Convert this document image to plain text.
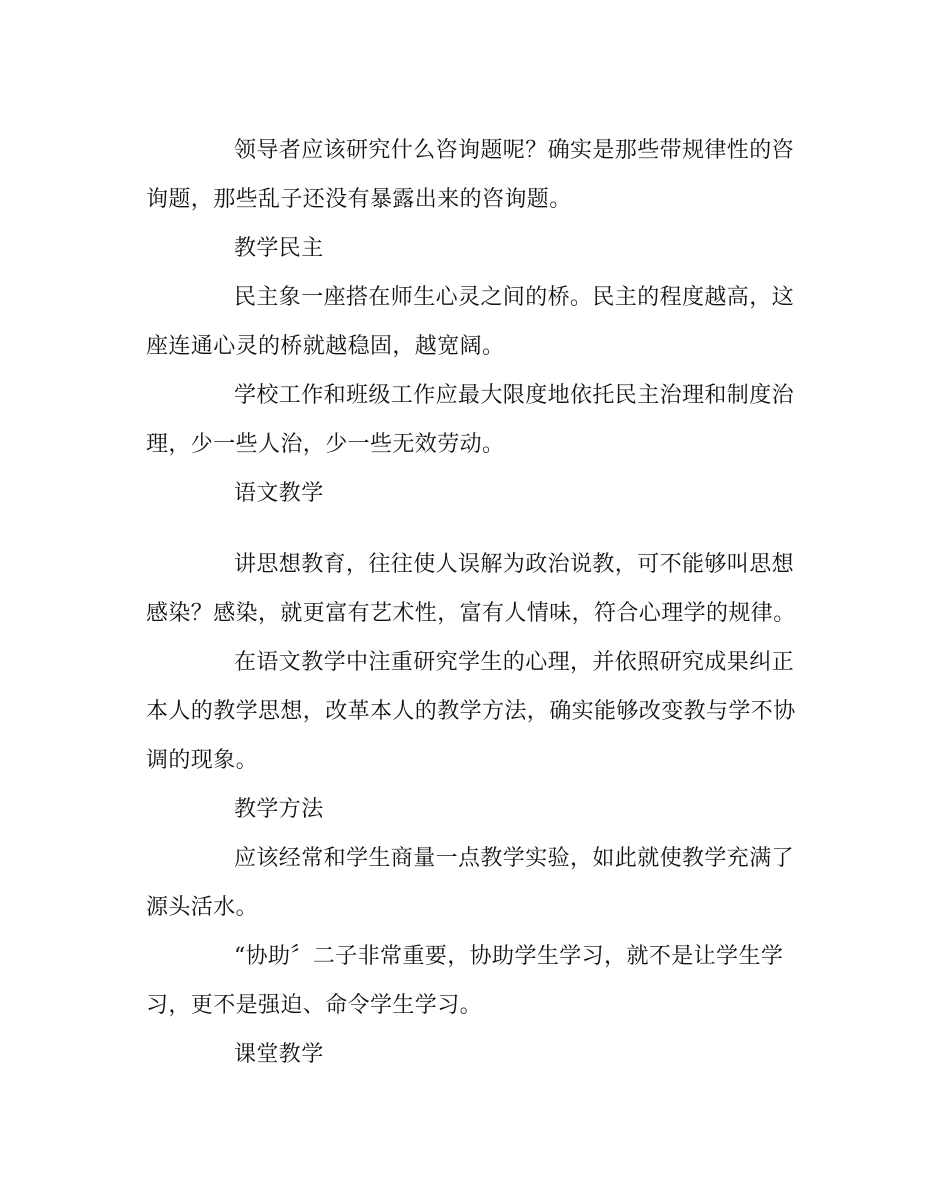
领导者应该研究什么咨询题呢？确实是那些带规律性的咨询题，那些乱子还没有暴露出来的咨询题。

教学民主

民主象一座搭在师生心灵之间的桥。民主的程度越高，这座连通心灵的桥就越稳固，越宽阔。

学校工作和班级工作应最大限度地依托民主治理和制度治理，少一些人治，少一些无效劳动。

语文教学

讲思想教育，往往使人误解为政治说教，可不能够叫思想感染？感染，就更富有艺术性，富有人情味，符合心理学的规律。

在语文教学中注重研究学生的心理，并依照研究成果纠正本人的教学思想，改革本人的教学方法，确实能够改变教与学不协调的现象。

教学方法

应该经常和学生商量一点教学实验，如此就使教学充满了源头活水。

“协助〞二子非常重要，协助学生学习，就不是让学生学习，更不是强迫、命令学生学习。

课堂教学
